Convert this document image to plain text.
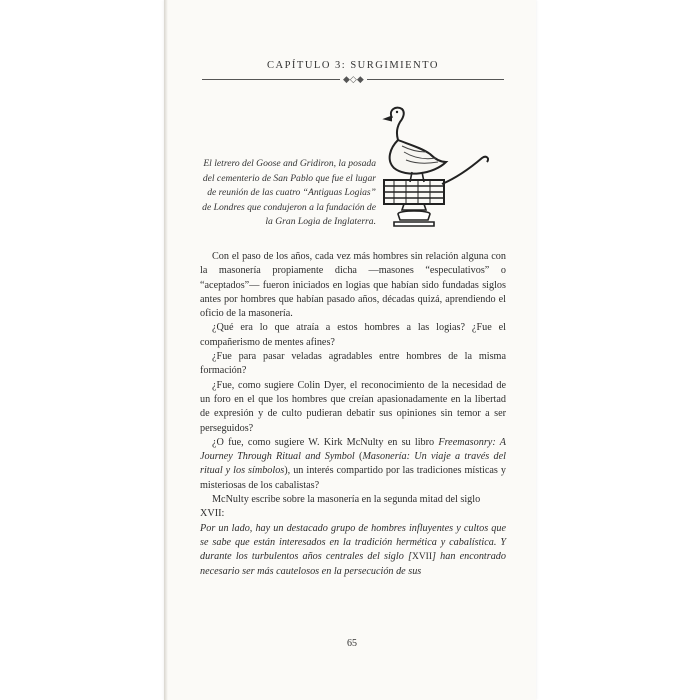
CAPÍTULO 3: SURGIMIENTO
◆◇◆
El letrero del Goose and Gridiron, la posada del cementerio de San Pablo que fue el lugar de reunión de las cuatro “Antiguas Logias” de Londres que condujeron a la fundación de la Gran Logia de Inglaterra.

Con el paso de los años, cada vez más hombres sin relación alguna con la masonería propiamente dicha —masones “especulativos” o “aceptados”— fueron iniciados en logias que habían sido fundadas siglos antes por hombres que habían pasado años, décadas quizá, aprendiendo el oficio de la masonería.

¿Qué era lo que atraía a estos hombres a las logias? ¿Fue el compañerismo de mentes afines?

¿Fue para pasar veladas agradables entre hombres de la misma formación?

¿Fue, como sugiere Colin Dyer, el reconocimiento de la necesidad de un foro en el que los hombres que creían apasionadamente en la libertad de expresión y de culto pudieran debatir sus opiniones sin temor a ser perseguidos?

¿O fue, como sugiere W. Kirk McNulty en su libro Freemasonry: A Journey Through Ritual and Symbol (Masonería: Un viaje a través del ritual y los símbolos), un interés compartido por las tradiciones místicas y misteriosas de los cabalistas?

McNulty escribe sobre la masonería en la segunda mitad del siglo XVII:

Por un lado, hay un destacado grupo de hombres influyentes y cultos que se sabe que están interesados en la tradición hermética y cabalística. Y durante los turbulentos años centrales del siglo [XVII] han encontrado necesario ser más cautelosos en la persecución de sus

65
